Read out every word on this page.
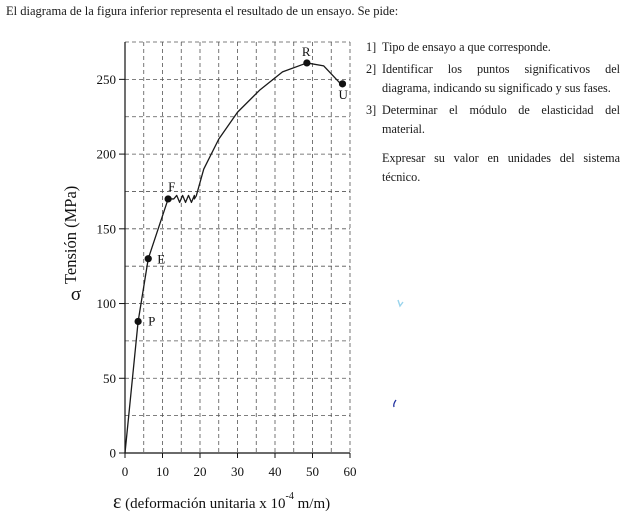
El diagrama de la figura inferior representa el resultado de un ensayo. Se pide:
1] Tipo de ensayo a que corresponde.
2] Identificar los puntos significativos del diagrama, indicando su significado y sus fases.
3] Determinar el módulo de elasticidad del material.
Expresar su valor en unidades del sistema técnico.
0 10 20 30 40 50 60
0
50
100
150
200
250
σ
Tensión (MPa)
ε (deformación unitaria x $10^{-4}$ m/m)
P
E
F
R
U
